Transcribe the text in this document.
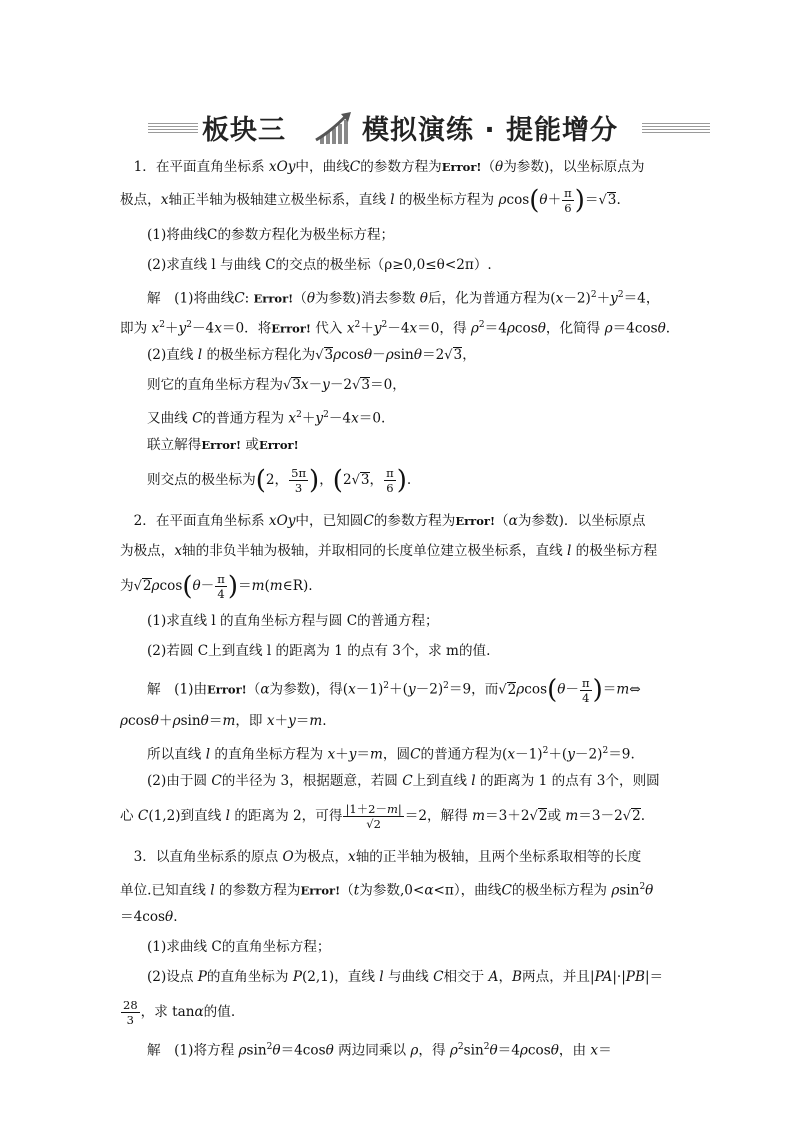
板块三	模拟演练 · 提能增分
　1．在平面直角坐标系 xOy中，曲线C的参数方程为Error!（θ为参数)，以坐标原点为
极点，x轴正半轴为极轴建立极坐标系，直线 l 的极坐标方程为 $\rho\cos(\theta+ \frac{\pi}{6} )=√3$.
(1)将曲线C的参数方程化为极坐标方程；
(2)求直线 l 与曲线 C的交点的极坐标（ρ≥0,0≤θ<2π）.
解　(1)将曲线C: Error!（θ为参数)消去参数 θ后，化为普通方程为$(x-2)^2+y^2=4$，
即为 $x^2+y^2-4x=0$．将Error! 代入 $x^2+y^2-4x=0$，得 $\rho^2=4\rho\cos\theta$，化简得 ρ＝4cosθ.
(2)直线 l 的极坐标方程化为√3ρcosθ－ρsinθ＝2√3，
则它的直角坐标方程为√3x－y－2√3＝0，
又曲线 C的普通方程为 $x^2+y^2-4x=0$.
联立解得Error! 或Error!
则交点的极坐标为(2， $\frac{5\pi}{3}$ )，(2√3， $\frac{\pi}{6}$ ).
　2．在平面直角坐标系 xOy中，已知圆C的参数方程为Error!（α为参数)．以坐标原点
为极点，x轴的非负半轴为极轴，并取相同的长度单位建立极坐标系，直线 l 的极坐标方程
为$√2\rho\cos(\theta- \frac{\pi}{4}$ )＝m(m∈R).
(1)求直线 l 的直角坐标方程与圆 C的普通方程；
(2)若圆 C上到直线 l 的距离为 1 的点有 3个，求 m的值.
解　(1)由Error!（α为参数)，得$(x-1)^2+(y-2)^2=9$，而$√2\rho\cos(\theta- \frac{\pi}{4}$ )＝m⇔
ρcosθ＋ρsinθ＝m，即 x＋y＝m.
所以直线 l 的直角坐标方程为 x＋y＝m，圆C的普通方程为$(x-1)^2+(y-2)^2=9$.
(2)由于圆 C的半径为 3，根据题意，若圆 C上到直线 l 的距离为 1 的点有 3个，则圆
心 C(1,2)到直线 l 的距离为 2，可得 $\frac{|1+2-m|}{√2} =2$，解得 m＝3＋2√2或 m＝3－2√2.
　3．以直角坐标系的原点 O为极点，x轴的正半轴为极轴，且两个坐标系取相等的长度
单位.已知直线 l 的参数方程为Error!（t为参数,0<α<π），曲线C的极坐标方程为 ρsin$^2$θ
＝4cosθ.
(1)求曲线 C的直角坐标方程；
(2)设点 P的直角坐标为 P(2,1)，直线 l 与曲线 C相交于 A，B两点，并且|PA|·|PB|＝
$\frac{28}{3}$ ，求 tanα的值.
解　(1)将方程 ρsin$^2$θ＝4cosθ 两边同乘以 ρ，得 $\rho^2\sin^2\theta=4\rho\cos\theta$，由 x＝
